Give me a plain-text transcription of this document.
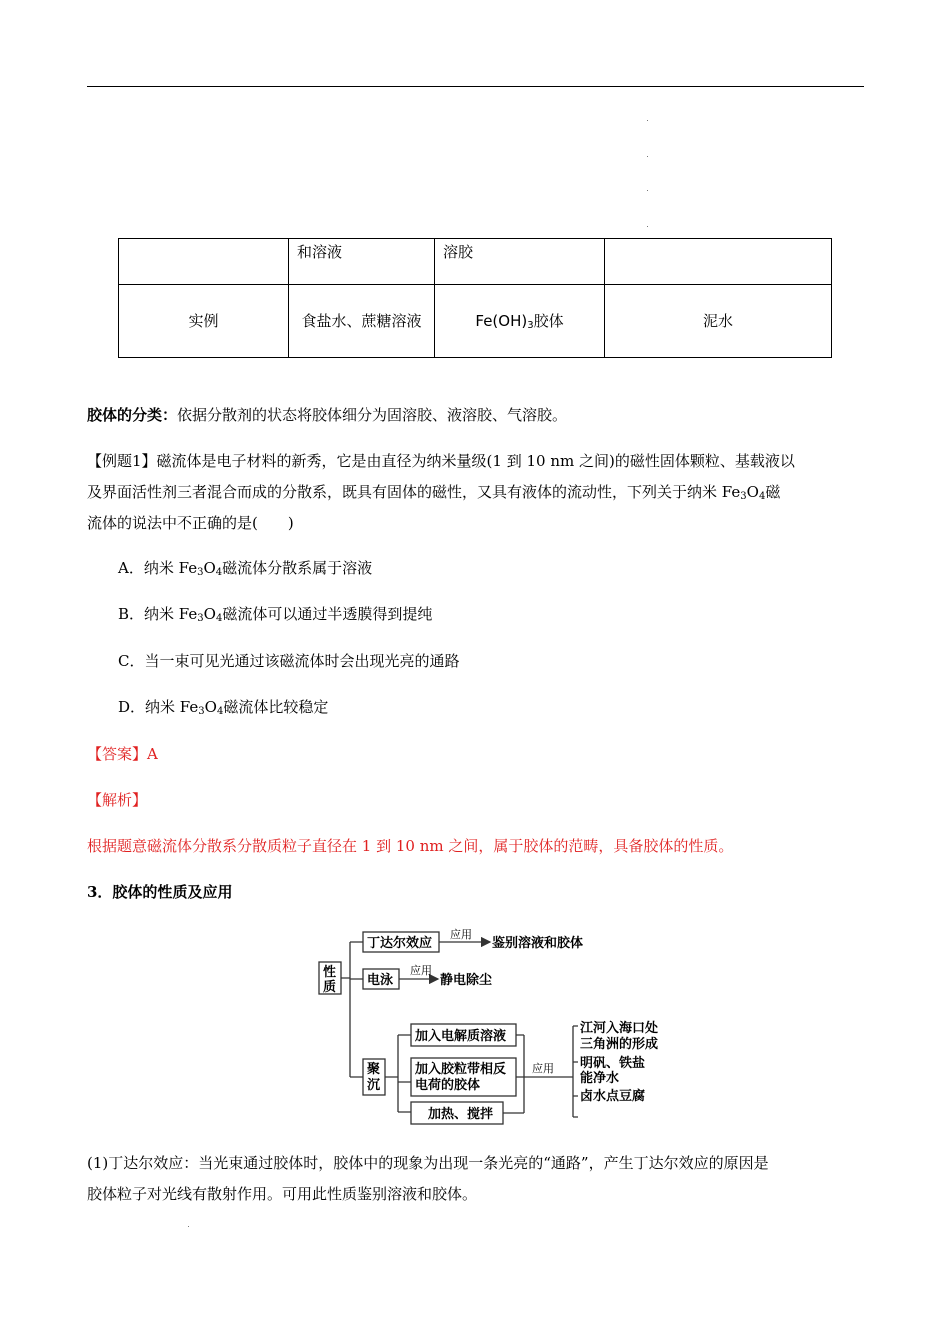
	和溶液	溶胶	
实例	食盐水、蔗糖溶液	$Fe(OH)_3$胶体	泥水

胶体的分类：依据分散剂的状态将胶体细分为固溶胶、液溶胶、气溶胶。

【例题1】磁流体是电子材料的新秀，它是由直径为纳米量级(1 到 10 nm 之间)的磁性固体颗粒、基载液以
及界面活性剂三者混合而成的分散系，既具有固体的磁性，又具有液体的流动性，下列关于纳米 $Fe_3O_4$磁
流体的说法中不正确的是(　　)
A．纳米 $Fe_3O_4$磁流体分散系属于溶液
B．纳米 $Fe_3O_4$磁流体可以通过半透膜得到提纯
C．当一束可见光通过该磁流体时会出现光亮的通路
D．纳米 $Fe_3O_4$磁流体比较稳定

【答案】A

【解析】

根据题意磁流体分散系分散质粒子直径在 1 到 10 nm 之间，属于胶体的范畴，具备胶体的性质。

3．胶体的性质及应用

性
质
丁达尔效应
应用
鉴别溶液和胶体
电泳
应用
静电除尘
聚
沉
加入电解质溶液
加入胶粒带相反
电荷的胶体
加热、搅拌
应用
江河入海口处
三角洲的形成
明矾、铁盐
能净水
卤水点豆腐
(1)丁达尔效应：当光束通过胶体时，胶体中的现象为出现一条光亮的“通路”，产生丁达尔效应的原因是
胶体粒子对光线有散射作用。可用此性质鉴别溶液和胶体。
